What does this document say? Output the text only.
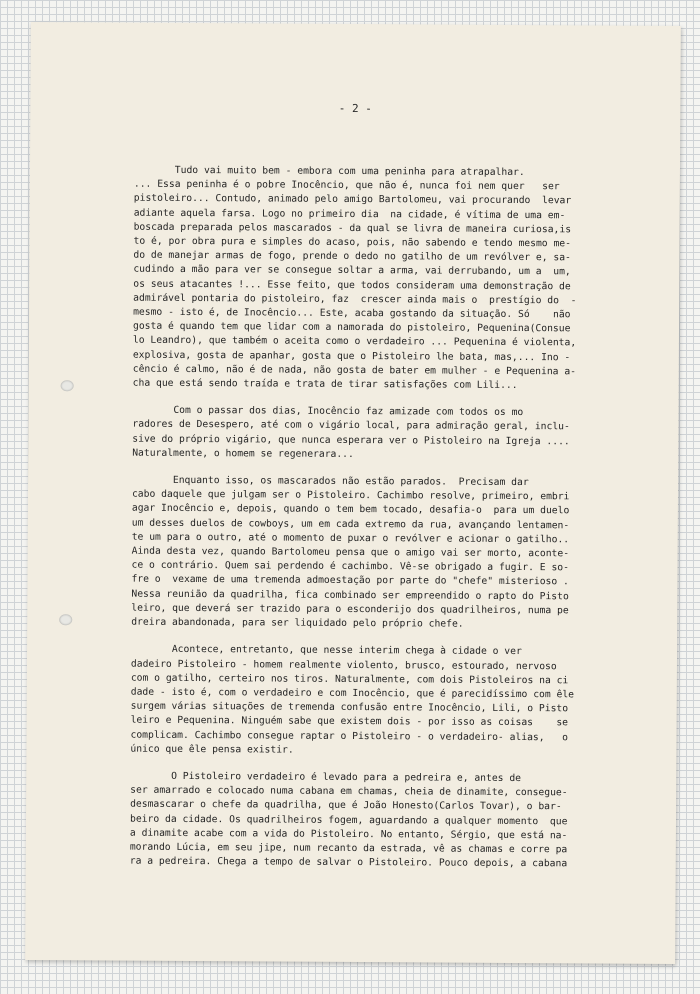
- 2 -
Tudo vai muito bem - embora com uma peninha para atrapalhar.
... Essa peninha é o pobre Inocêncio, que não é, nunca foi nem quer   ser
pistoleiro... Contudo, animado pelo amigo Bartolomeu, vai procurando  levar
adiante aquela farsa. Logo no primeiro dia  na cidade, é vítima de uma em-
boscada preparada pelos mascarados - da qual se livra de maneira curiosa,is
to é, por obra pura e simples do acaso, pois, não sabendo e tendo mesmo me-
do de manejar armas de fogo, prende o dedo no gatilho de um revólver e, sa-
cudindo a mão para ver se consegue soltar a arma, vai derrubando, um a  um,
os seus atacantes !... Esse feito, que todos consideram uma demonstração de
admirável pontaria do pistoleiro, faz  crescer ainda mais o  prestígio do  -
mesmo - isto é, de Inocêncio... Este, acaba gostando da situação. Só    não
gosta é quando tem que lidar com a namorada do pistoleiro, Pequenina(Consue
lo Leandro), que também o aceita como o verdadeiro ... Pequenina é violenta,
explosiva, gosta de apanhar, gosta que o Pistoleiro lhe bata, mas,... Ino -
cêncio é calmo, não é de nada, não gosta de bater em mulher - e Pequenina a-
cha que está sendo traída e trata de tirar satisfações com Lili...
Com o passar dos dias, Inocêncio faz amizade com todos os mo
radores de Desespero, até com o vigário local, para admiração geral, inclu-
sive do próprio vigário, que nunca esperara ver o Pistoleiro na Igreja ....
Naturalmente, o homem se regenerara...
Enquanto isso, os mascarados não estão parados.  Precisam dar
cabo daquele que julgam ser o Pistoleiro. Cachimbo resolve, primeiro, embri
agar Inocêncio e, depois, quando o tem bem tocado, desafia-o  para um duelo
um desses duelos de cowboys, um em cada extremo da rua, avançando lentamen-
te um para o outro, até o momento de puxar o revólver e acionar o gatilho..
Ainda desta vez, quando Bartolomeu pensa que o amigo vai ser morto, aconte-
ce o contrário. Quem sai perdendo é cachimbo. Vê-se obrigado a fugir. E so-
fre o  vexame de uma tremenda admoestação por parte do "chefe" misterioso .
Nessa reunião da quadrilha, fica combinado ser empreendido o rapto do Pisto
leiro, que deverá ser trazido para o esconderijo dos quadrilheiros, numa pe
dreira abandonada, para ser liquidado pelo próprio chefe.
Acontece, entretanto, que nesse interim chega à cidade o ver
dadeiro Pistoleiro - homem realmente violento, brusco, estourado, nervoso
com o gatilho, certeiro nos tiros. Naturalmente, com dois Pistoleiros na ci
dade - isto é, com o verdadeiro e com Inocêncio, que é parecidíssimo com êle
surgem várias situações de tremenda confusão entre Inocêncio, Lili, o Pisto
leiro e Pequenina. Ninguém sabe que existem dois - por isso as coisas    se
complicam. Cachimbo consegue raptar o Pistoleiro - o verdadeiro- alias,   o
único que êle pensa existir.
O Pistoleiro verdadeiro é levado para a pedreira e, antes de
ser amarrado e colocado numa cabana em chamas, cheia de dinamite, consegue-
desmascarar o chefe da quadrilha, que é João Honesto(Carlos Tovar), o bar-
beiro da cidade. Os quadrilheiros fogem, aguardando a qualquer momento  que
a dinamite acabe com a vida do Pistoleiro. No entanto, Sérgio, que está na-
morando Lúcia, em seu jipe, num recanto da estrada, vê as chamas e corre pa
ra a pedreira. Chega a tempo de salvar o Pistoleiro. Pouco depois, a cabana
